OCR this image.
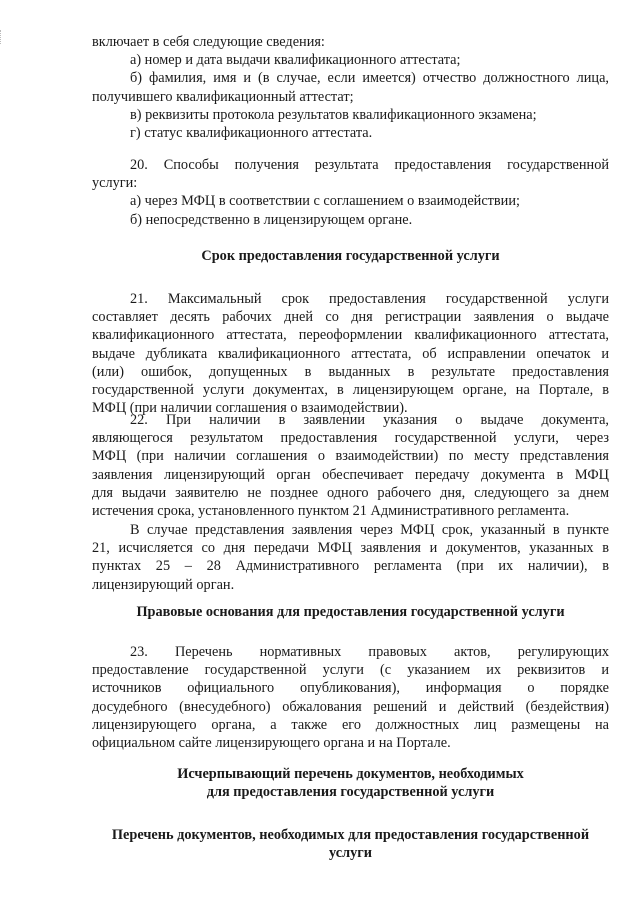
включает в себя следующие сведения:
а) номер и дата выдачи квалификационного аттестата;
б) фамилия, имя и (в случае, если имеется) отчество должностного лица,
получившего квалификационный аттестат;
в) реквизиты протокола результатов квалификационного экзамена;
г) статус квалификационного аттестата.
20. Способы получения результата предоставления государственной
услуги:
а) через МФЦ в соответствии с соглашением о взаимодействии;
б) непосредственно в лицензирующем органе.
Срок предоставления государственной услуги
21. Максимальный срок предоставления государственной услуги
составляет десять рабочих дней со дня регистрации заявления о выдаче
квалификационного аттестата, переоформлении квалификационного аттестата,
выдаче дубликата квалификационного аттестата, об исправлении опечаток и
(или) ошибок, допущенных в выданных в результате предоставления
государственной услуги документах, в лицензирующем органе, на Портале, в
МФЦ (при наличии соглашения о взаимодействии).
22. При наличии в заявлении указания о выдаче документа,
являющегося результатом предоставления государственной услуги, через
МФЦ (при наличии соглашения о взаимодействии) по месту представления
заявления лицензирующий орган обеспечивает передачу документа в МФЦ
для выдачи заявителю не позднее одного рабочего дня, следующего за днем
истечения срока, установленного пунктом 21 Административного регламента.
В случае представления заявления через МФЦ срок, указанный в пункте
21, исчисляется со дня передачи МФЦ заявления и документов, указанных в
пунктах 25 – 28 Административного регламента (при их наличии), в
лицензирующий орган.
Правовые основания для предоставления государственной услуги
23. Перечень нормативных правовых актов, регулирующих
предоставление государственной услуги (с указанием их реквизитов и
источников официального опубликования), информация о порядке
досудебного (внесудебного) обжалования решений и действий (бездействия)
лицензирующего органа, а также его должностных лиц размещены на
официальном сайте лицензирующего органа и на Портале.
Исчерпывающий перечень документов, необходимых
для предоставления государственной услуги
Перечень документов, необходимых для предоставления государственной
услуги
